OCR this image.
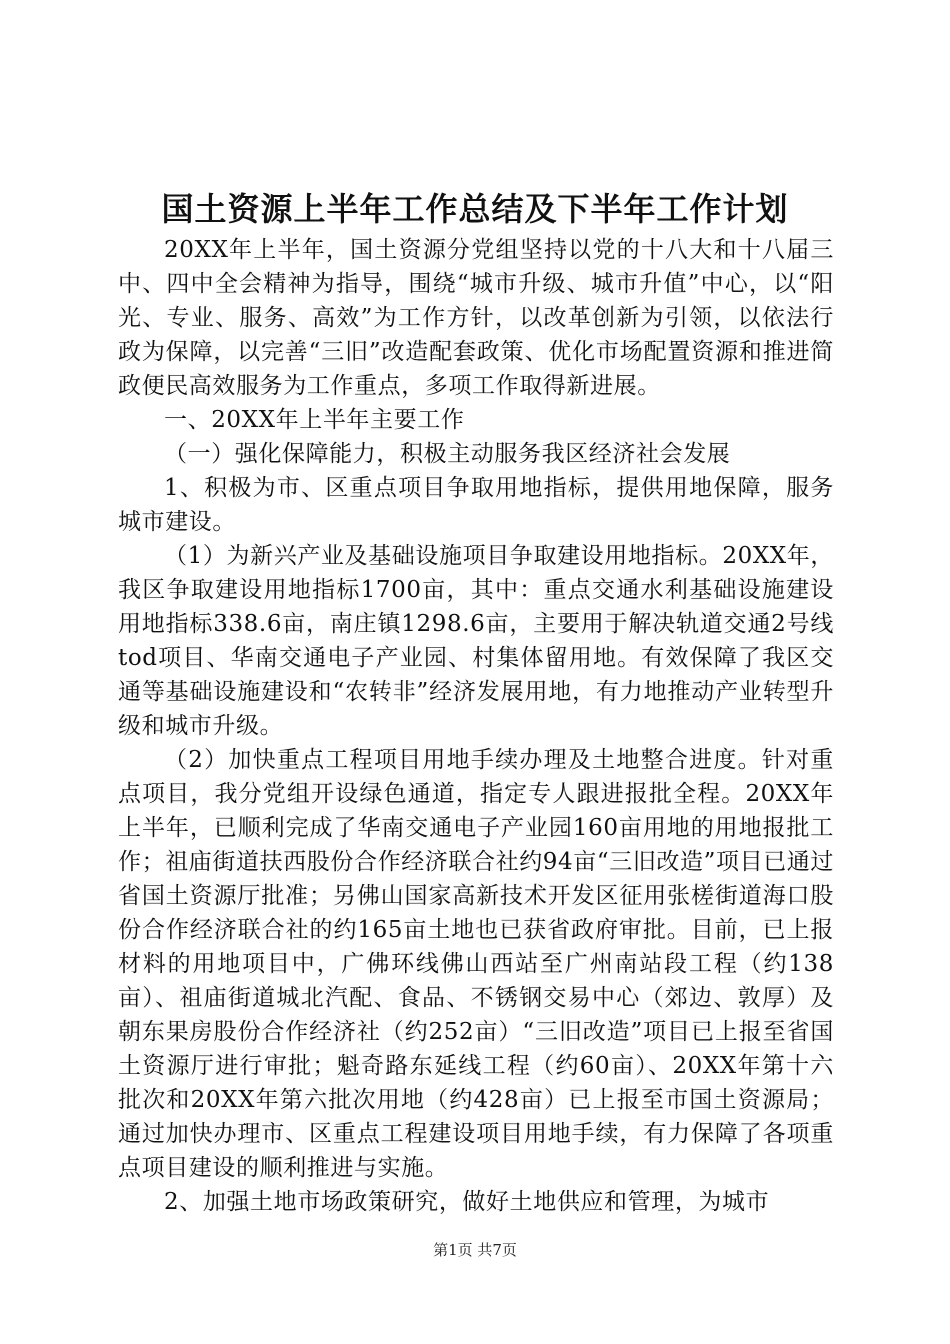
国土资源上半年工作总结及下半年工作计划

20XX年上半年，国土资源分党组坚持以党的十八大和十八届三中、四中全会精神为指导，围绕“城市升级、城市升值”中心，以“阳光、专业、服务、高效”为工作方针，以改革创新为引领，以依法行政为保障，以完善“三旧”改造配套政策、优化市场配置资源和推进简政便民高效服务为工作重点，多项工作取得新进展。

一、20XX年上半年主要工作

（一）强化保障能力，积极主动服务我区经济社会发展

1、积极为市、区重点项目争取用地指标，提供用地保障，服务城市建设。

（1）为新兴产业及基础设施项目争取建设用地指标。20XX年，我区争取建设用地指标1700亩，其中：重点交通水利基础设施建设用地指标338.6亩，南庄镇1298.6亩，主要用于解决轨道交通2号线tod项目、华南交通电子产业园、村集体留用地。有效保障了我区交通等基础设施建设和“农转非”经济发展用地，有力地推动产业转型升级和城市升级。

（2）加快重点工程项目用地手续办理及土地整合进度。针对重点项目，我分党组开设绿色通道，指定专人跟进报批全程。20XX年上半年，已顺利完成了华南交通电子产业园160亩用地的用地报批工作；祖庙街道扶西股份合作经济联合社约94亩“三旧改造”项目已通过省国土资源厅批准；另佛山国家高新技术开发区征用张槎街道海口股份合作经济联合社的约165亩土地也已获省政府审批。目前，已上报材料的用地项目中，广佛环线佛山西站至广州南站段工程（约138亩）、祖庙街道城北汽配、食品、不锈钢交易中心（郊边、敦厚）及朝东果房股份合作经济社（约252亩）“三旧改造”项目已上报至省国土资源厅进行审批；魁奇路东延线工程（约60亩）、20XX年第十六批次和20XX年第六批次用地（约428亩）已上报至市国土资源局；通过加快办理市、区重点工程建设项目用地手续，有力保障了各项重点项目建设的顺利推进与实施。

2、加强土地市场政策研究，做好土地供应和管理，为城市

第1页 共7页
